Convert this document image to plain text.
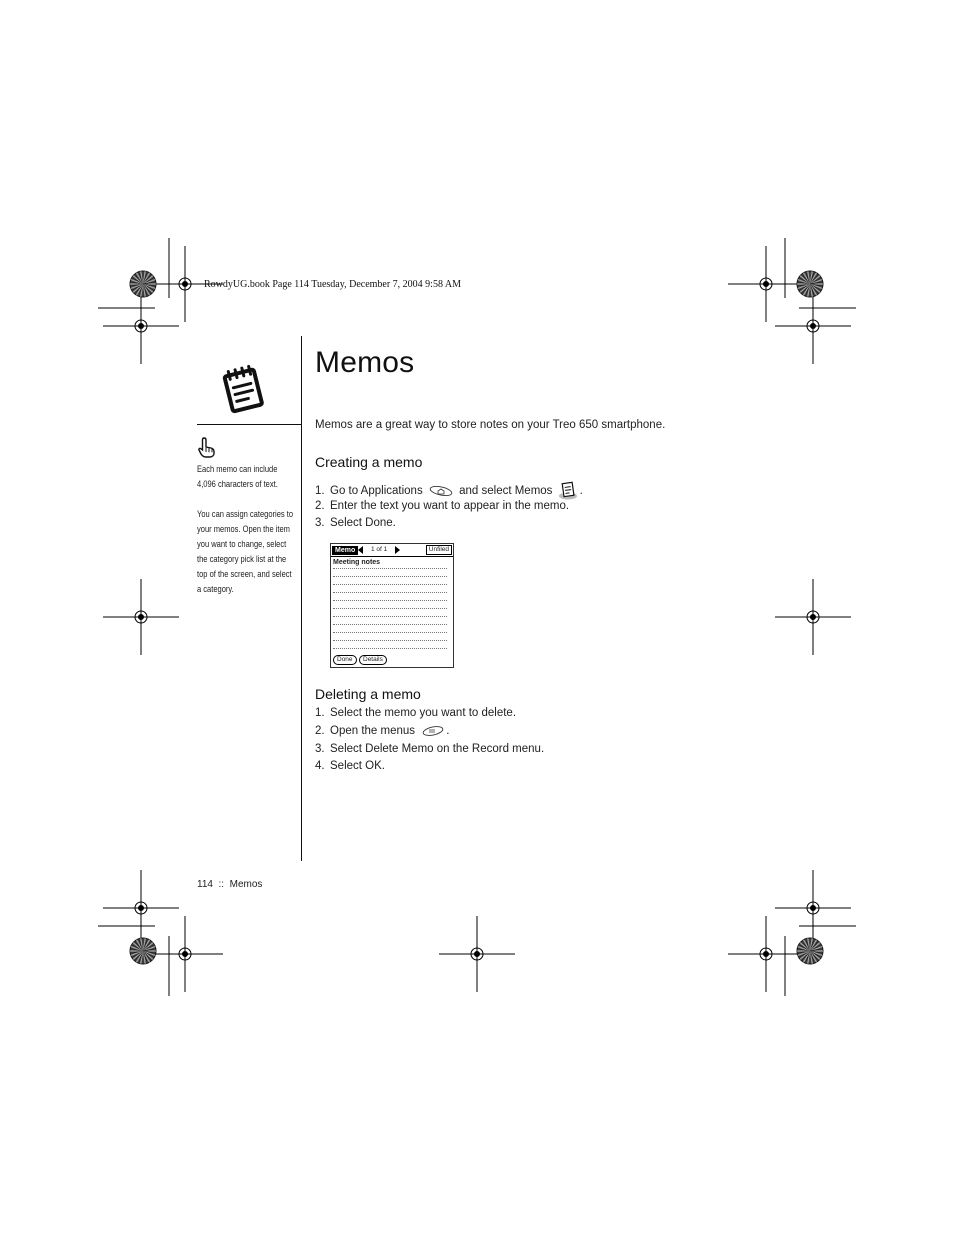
RowdyUG.book Page 114 Tuesday, December 7, 2004 9:58 AM
Memos

Memos are a great way to store notes on your Treo 650 smartphone.

Each memo can include 4,096 characters of text.
You can assign categories to your memos. Open the item you want to change, select the category pick list at the top of the screen, and select a category.
Creating a memo
1. Go to Applications	and select Memos .
2. Enter the text you want to appear in the memo.
3. Select Done.
Memo	1 of 1	Unfiled
Meeting notes
Done	Details
Deleting a memo
1. Select the memo you want to delete.
2. Open the menus	.
3. Select Delete Memo on the Record menu.
4. Select OK.
114 :: Memos
